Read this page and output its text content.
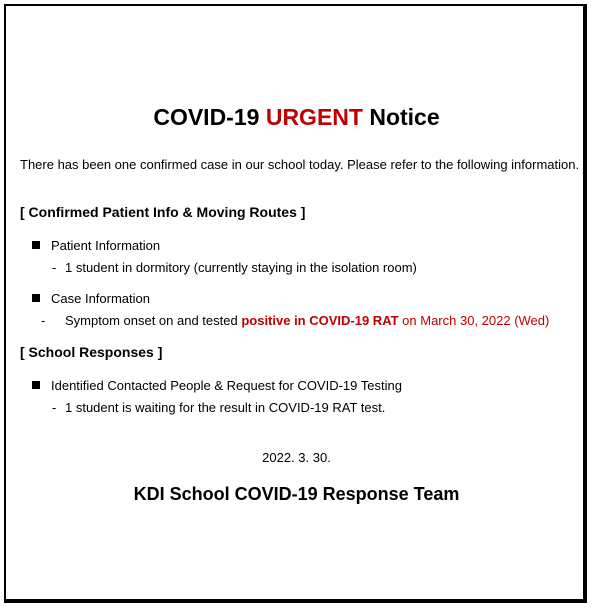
COVID-19 URGENT Notice
There has been one confirmed case in our school today. Please refer to the following information.
[ Confirmed Patient Info & Moving Routes ]
Patient Information
- 1 student in dormitory (currently staying in the isolation room)
Case Information
- Symptom onset on and tested positive in COVID-19 RAT on March 30, 2022 (Wed)
[ School Responses ]
Identified Contacted People & Request for COVID-19 Testing
- 1 student is waiting for the result in COVID-19 RAT test.
2022. 3. 30.
KDI School COVID-19 Response Team
